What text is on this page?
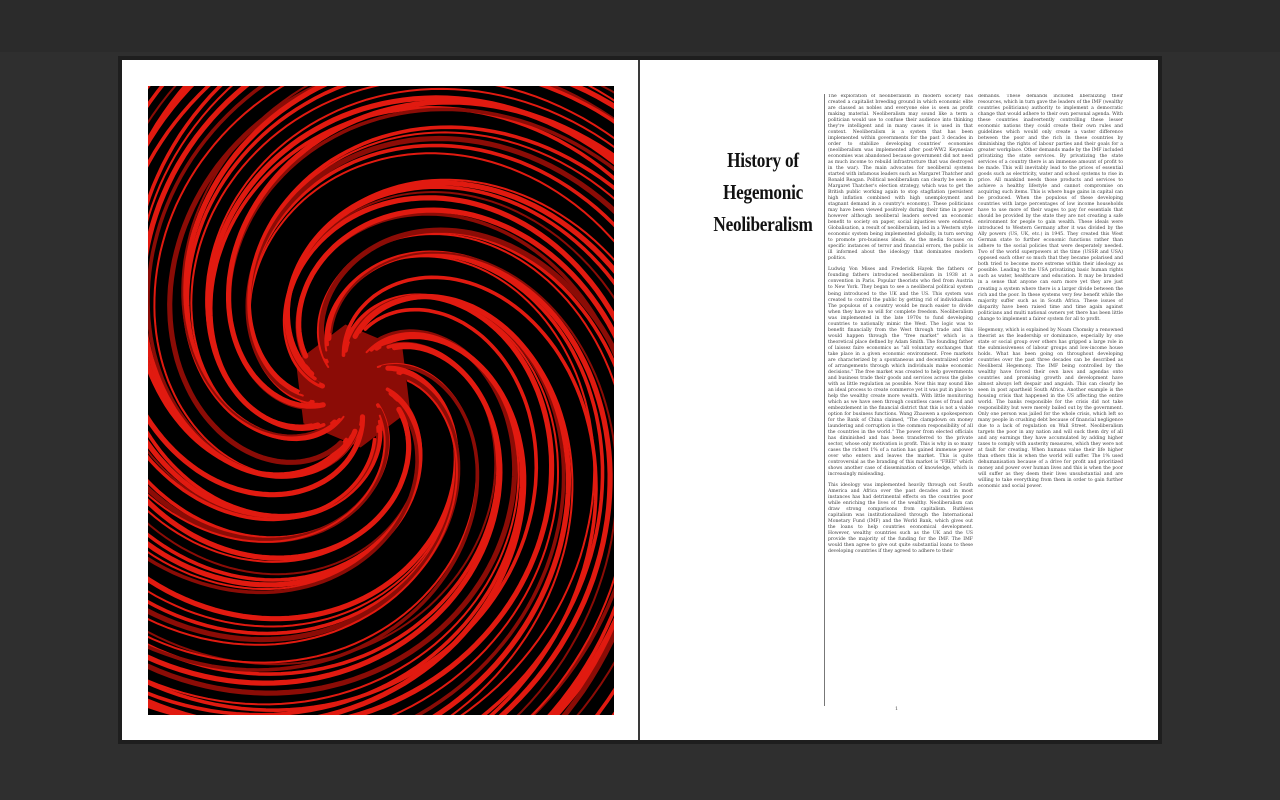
History of
Hegemonic
Neoliberalism

The exploration of neoliberalism in modern society has created a capitalist breeding ground in which economic elite are classed as nobles and everyone else is seen as profit making material. Neoliberalism may sound like a term a politician would use to confuse their audience into thinking they're intelligent and in many cases it is used in that context. Neoliberalism is a system that has been implemented within governments for the past 3 decades in order to stabilize developing countries' economies (neoliberalism was implemented after post-WW2 Keynesian economies was abandoned because government did not need as much income to rebuild infrastructure that was destroyed in the war). The main advocates for neoliberal systems started with infamous leaders such as Margaret Thatcher and Ronald Reagan. Political neoliberalism can clearly be seen in Margaret Thatcher's election strategy, which was to get the British public working again to stop stagflation (persistent high inflation combined with high unemployment and stagnant demand in a country's economy). These politicians may have been viewed positively during their time in power however although neoliberal leaders served an economic benefit to society on paper, social injustices were endured. Globalisation, a result of neoliberalism, led in a Western style economic system being implemented globally, in turn serving to promote pro-business ideals. As the media focuses on specific instances of terror and financial errors, the public is ill informed about the ideology that dominates modern politics.

Ludwig Von Mises and Frederick Hayek the fathers or founding fathers introduced neoliberalism in 1938 at a convention in Paris. Popular theorists who fled from Austria to New York. They began to see a neoliberal political system being introduced to the UK and the US. This system was created to control the public by getting rid of individualism. The populous of a country would be much easier to divide when they have no will for complete freedom. Neoliberalism was implemented in the late 1970s to fund developing countries to nationally mimic the West. The logic was to benefit financially from the West through trade and this would happen through the "free market" which is a theoretical place defined by Adam Smith. The founding father of laissez faire economics as "all voluntary exchanges that take place in a given economic environment. Free markets are characterized by a spontaneous and decentralized order of arrangements through which individuals make economic decisions." The free market was created to help governments and business trade their goods and services across the globe with as little regulation as possible. Now this may sound like an ideal process to create commerce yet it was put in place to help the wealthy create more wealth. With little monitoring which as we have seen through countless cases of fraud and embezzlement in the financial district that this is not a viable option for business functions. Wang Zhaowen a spokesperson for the Bank of China claimed, "The clampdown on money laundering and corruption is the common responsibility of all the countries in the world." The power from elected officials has diminished and has been transferred to the private sector, whose only motivation is profit. This is why in so many cases the richest 1% of a nation has gained immense power over who enters and leaves the market. This is quite controversial as the branding of this market is "FREE" which shows another case of dissemination of knowledge, which is increasingly misleading.

This ideology was implemented heavily through out South America and Africa over the past decades and in most instances has had detrimental effects on the countries poor while enriching the lives of the wealthy. Neoliberalism can draw strong comparisons from capitalism. Ruthless capitalism was institutionalized through the International Monetary Fund (IMF) and the World Bank, which gives out the loans to help countries economical development. However, wealthy countries such as the UK and the US provide the majority of the funding for the IMF. The IMF would then agree to give out quite substantial loans to these developing countries if they agreed to adhere to their

demands. These demands included liberalizing their resources, which in turn gave the leaders of the IMF (wealthy countries politicians) authority to implement a democratic change that would adhere to their own personal agenda. With these countries inadvertently controlling these lesser economic nations they could create their own rules and guidelines which would only create a vaster difference between the poor and the rich in these countries by diminishing the rights of labour parties and their goals for a greater workplace. Other demands made by the IMF included privatizing the state services. By privatizing the state services of a country there is an immense amount of profit to be made. This will inevitably lead to the prices of essential goods such as electricity, water and school systems to rise in price. All mankind needs those products and services to achieve a healthy lifestyle and cannot compromise on acquiring such items. This is where huge gains in capital can be produced. When the populous of these developing countries with large percentages of low income households have to use more of their wages to pay for essentials that should be provided by the state they are not creating a safe environment for people to gain wealth. These ideals were introduced to Western Germany after it was divided by the Ally powers (US, UK, etc.) in 1945. They created this West German state to further economic functions rather than adhere to the social policies that were desperately needed. Two of the world superpowers at the time (USSR and USA) opposed each other so much that they became polarised and both tried to become more extreme within their ideology as possible. Leading to the USA privatizing basic human rights such as water, healthcare and education. It may be branded in a sense that anyone can earn more yet they are just creating a system where there is a larger divide between the rich and the poor. In these systems very few benefit while the majority suffer such as in South Africa. These issues of disparity have been raised time and time again against politicians and multi national owners yet there has been little change to implement a fairer system for all to profit.

Hegemony, which is explained by Noam Chomsky a renowned theorist as the leadership or dominance, especially by one state or social group over others has gripped a large role in the submissiveness of labour groups and low-income house holds. What has been going on throughout developing countries over the past three decades can be described as Neoliberal Hegemony. The IMF being controlled by the wealthy have forced their own laws and agendas onto countries and promising growth and development have almost always left despair and anguish. This can clearly be seen in post apartheid South Africa. Another example is the housing crisis that happened in the US affecting the entire world. The banks responsible for the crisis did not take responsibility but were merely bailed out by the government. Only one person was jailed for the whole crisis, which left so many people in crushing debt because of financial negligence due to a lack of regulation on Wall Street. Neoliberalism targets the poor in any nation and will suck them dry of all and any earnings they have accumulated by adding higher taxes to comply with austerity measures, which they were not at fault for creating. When humans value their life higher than others this is when the world will suffer. The 1% used dehumanisation because of a drive for profit and prioritized money and power over human lives and this is when the poor will suffer as they deem their lives unsubstantial and are willing to take everything from them in order to gain further economic and social power.

1
